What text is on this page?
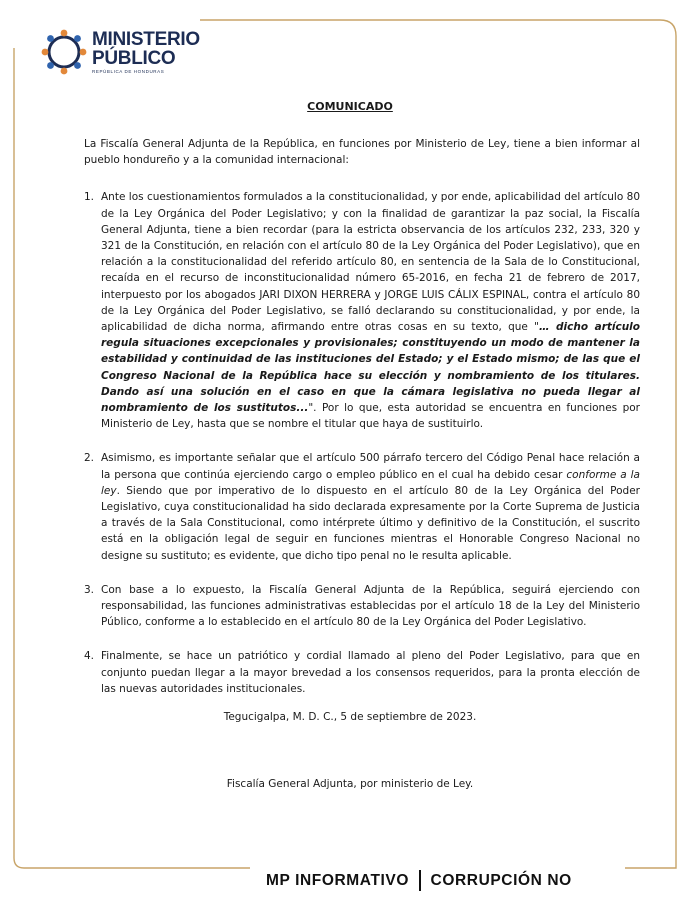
MINISTERIO
PÚBLICO
REPÚBLICA DE HONDURAS
COMUNICADO

La Fiscalía General Adjunta de la República, en funciones por Ministerio de Ley, tiene a bien informar al pueblo hondureño y a la comunidad internacional:

1. Ante los cuestionamientos formulados a la constitucionalidad, y por ende, aplicabilidad del artículo 80 de la Ley Orgánica del Poder Legislativo; y con la finalidad de garantizar la paz social, la Fiscalía General Adjunta, tiene a bien recordar (para la estricta observancia de los artículos 232, 233, 320 y 321 de la Constitución, en relación con el artículo 80 de la Ley Orgánica del Poder Legislativo), que en relación a la constitucionalidad del referido artículo 80, en sentencia de la Sala de lo Constitucional, recaída en el recurso de inconstitucionalidad número 65-2016, en fecha 21 de febrero de 2017, interpuesto por los abogados JARI DIXON HERRERA y JORGE LUIS CÁLIX ESPINAL, contra el artículo 80 de la Ley Orgánica del Poder Legislativo, se falló declarando su constitucionalidad, y por ende, la aplicabilidad de dicha norma, afirmando entre otras cosas en su texto, que "… dicho artículo regula situaciones excepcionales y provisionales; constituyendo un modo de mantener la estabilidad y continuidad de las instituciones del Estado; y el Estado mismo; de las que el Congreso Nacional de la República hace su elección y nombramiento de los titulares. Dando así una solución en el caso en que la cámara legislativa no pueda llegar al nombramiento de los sustitutos...". Por lo que, esta autoridad se encuentra en funciones por Ministerio de Ley, hasta que se nombre el titular que haya de sustituirlo.
2. Asimismo, es importante señalar que el artículo 500 párrafo tercero del Código Penal hace relación a la persona que continúa ejerciendo cargo o empleo público en el cual ha debido cesar conforme a la ley. Siendo que por imperativo de lo dispuesto en el artículo 80 de la Ley Orgánica del Poder Legislativo, cuya constitucionalidad ha sido declarada expresamente por la Corte Suprema de Justicia a través de la Sala Constitucional, como intérprete último y definitivo de la Constitución, el suscrito está en la obligación legal de seguir en funciones mientras el Honorable Congreso Nacional no designe su sustituto; es evidente, que dicho tipo penal no le resulta aplicable.
3. Con base a lo expuesto, la Fiscalía General Adjunta de la República, seguirá ejerciendo con responsabilidad, las funciones administrativas establecidas por el artículo 18 de la Ley del Ministerio Público, conforme a lo establecido en el artículo 80 de la Ley Orgánica del Poder Legislativo.
4. Finalmente, se hace un patriótico y cordial llamado al pleno del Poder Legislativo, para que en conjunto puedan llegar a la mayor brevedad a los consensos requeridos, para la pronta elección de las nuevas autoridades institucionales.
Tegucigalpa, M. D. C., 5 de septiembre de 2023.
Fiscalía General Adjunta, por ministerio de Ley.
MP INFORMATIVO CORRUPCIÓN NO
